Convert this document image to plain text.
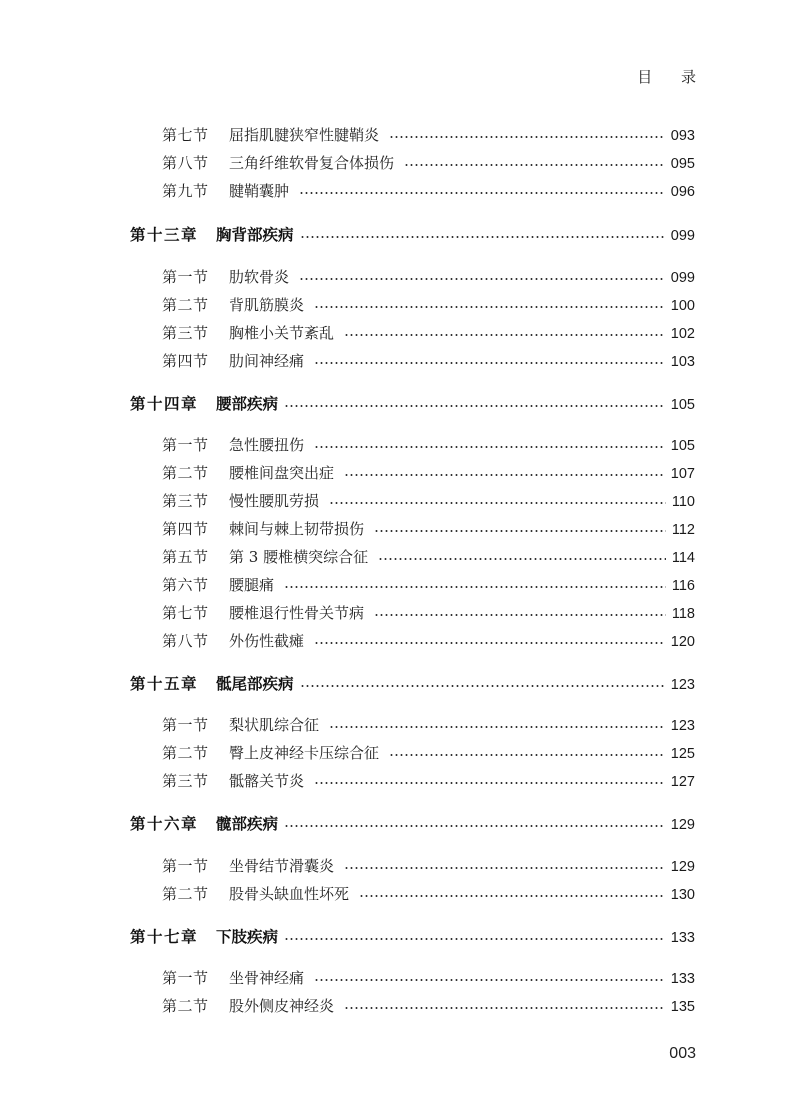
目 录
第七节	屈指肌腱狭窄性腱鞘炎	093
第八节	三角纤维软骨复合体损伤	095
第九节	腱鞘囊肿	096
第十三章	胸背部疾病	099
第一节	肋软骨炎	099
第二节	背肌筋膜炎	100
第三节	胸椎小关节紊乱	102
第四节	肋间神经痛	103
第十四章	腰部疾病	105
第一节	急性腰扭伤	105
第二节	腰椎间盘突出症	107
第三节	慢性腰肌劳损	110
第四节	棘间与棘上韧带损伤	112
第五节	第 3 腰椎横突综合征	114
第六节	腰腿痛	116
第七节	腰椎退行性骨关节病	118
第八节	外伤性截瘫	120
第十五章	骶尾部疾病	123
第一节	梨状肌综合征	123
第二节	臀上皮神经卡压综合征	125
第三节	骶髂关节炎	127
第十六章	髋部疾病	129
第一节	坐骨结节滑囊炎	129
第二节	股骨头缺血性坏死	130
第十七章	下肢疾病	133
第一节	坐骨神经痛	133
第二节	股外侧皮神经炎	135
003
